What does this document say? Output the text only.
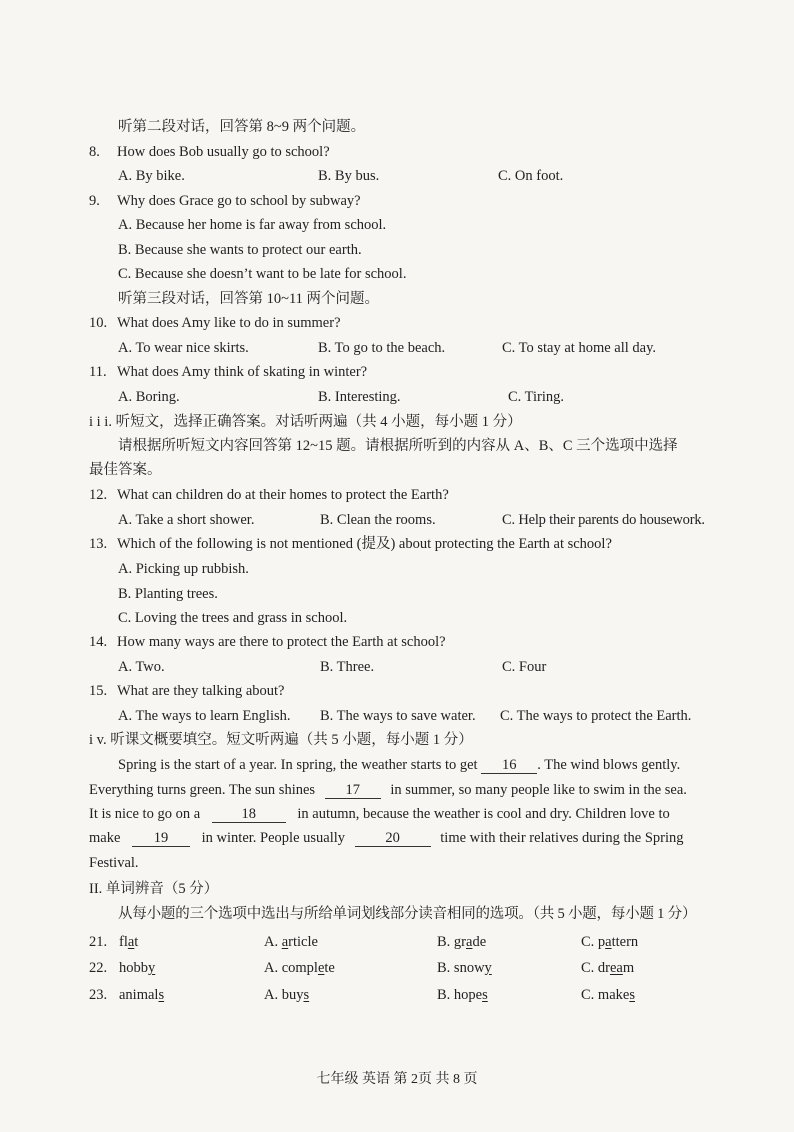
听第二段对话，回答第 8~9 两个问题。
8. How does Bob usually go to school?
A. By bike.	B. By bus.	C. On foot.
9. Why does Grace go to school by subway?
A. Because her home is far away from school.
B. Because she wants to protect our earth.
C. Because she doesn’t want to be late for school.
听第三段对话，回答第 10~11 两个问题。
10. What does Amy like to do in summer?
A. To wear nice skirts.	B. To go to the beach.	C. To stay at home all day.
11. What does Amy think of skating in winter?
A. Boring.	B. Interesting.	C. Tiring.
i i i. 听短文，选择正确答案。对话听两遍（共 4 小题，每小题 1 分）
请根据所听短文内容回答第 12~15 题。请根据所听到的内容从 A、B、C 三个选项中选择
最佳答案。
12. What can children do at their homes to protect the Earth?
A. Take a short shower.	B. Clean the rooms.	C. Help their parents do housework.
13. Which of the following is not mentioned (提及) about protecting the Earth at school?
A. Picking up rubbish.
B. Planting trees.
C. Loving the trees and grass in school.
14. How many ways are there to protect the Earth at school?
A. Two.	B. Three.	C. Four
15. What are they talking about?
A. The ways to learn English. B. The ways to save water. C. The ways to protect the Earth.
i v. 听课文概要填空。短文听两遍（共 5 小题，每小题 1 分）
Spring is the start of a year. In spring, the weather starts to get 16 . The wind blows gently.
Everything turns green. The sun shines 17 in summer, so many people like to swim in the sea.
It is nice to go on a	18	in autumn, because the weather is cool and dry. Children love to
make 19 in winter. People usually	20	time with their relatives during the Spring
Festival.
II. 单词辨音（5 分）
从每小题的三个选项中选出与所给单词划线部分读音相同的选项。（共 5 小题，每小题 1 分）
21. flat	A. article	B. grade	C. pattern
22. hobby	A. complete	B. snowy	C. dream
23. animals	A. buys	B. hopes	C. makes
七年级 英语 第 2页 共 8 页
